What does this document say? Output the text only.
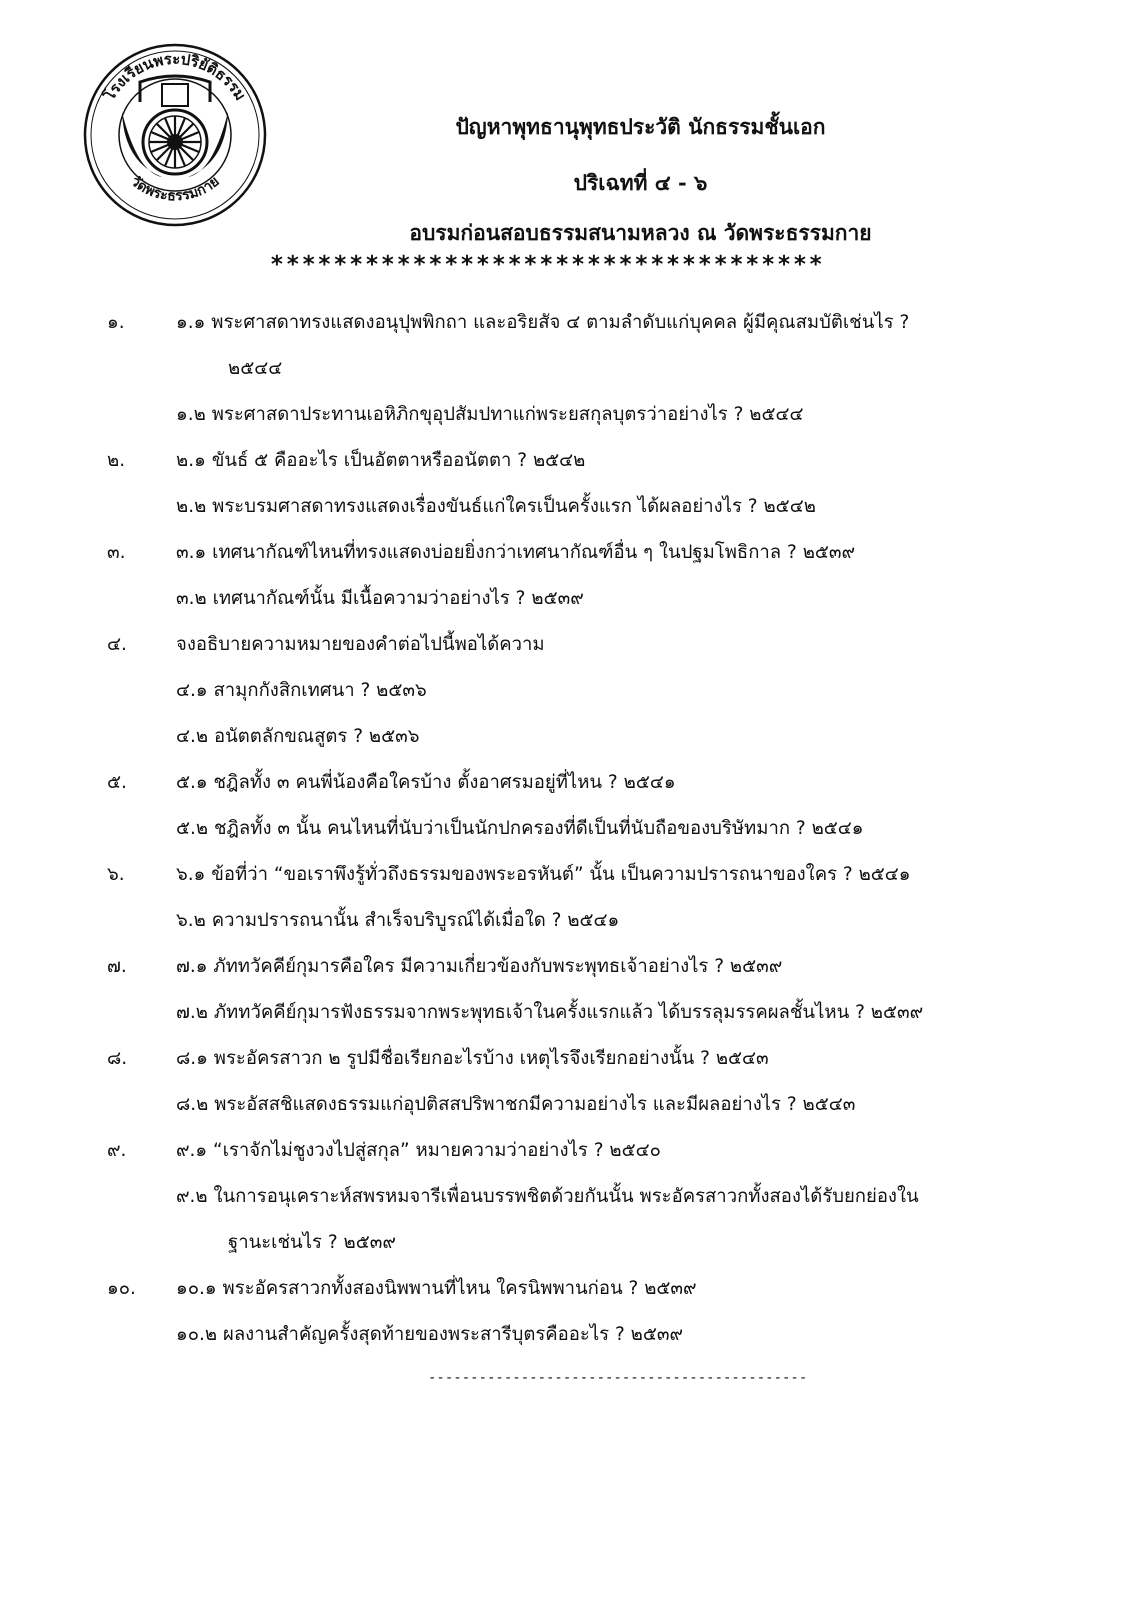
โรงเรียนพระปริยัติธรรม
วัดพระธรรมกาย

ปัญหาพุทธานุพุทธประวัติ นักธรรมชั้นเอก

ปริเฉทที่ ๔ - ๖

อบรมก่อนสอบธรรมสนามหลวง ณ วัดพระธรรมกาย

***********************************
๑.	๑.๑ พระศาสดาทรงแสดงอนุปุพพิกถา และอริยสัจ ๔ ตามลำดับแก่บุคคล ผู้มีคุณสมบัติเช่นไร ?
๒๕๔๔
๑.๒ พระศาสดาประทานเอหิภิกขุอุปสัมปทาแก่พระยสกุลบุตรว่าอย่างไร ? ๒๕๔๔
๒.	๒.๑ ขันธ์ ๕ คืออะไร เป็นอัตตาหรืออนัตตา ? ๒๕๔๒
๒.๒ พระบรมศาสดาทรงแสดงเรื่องขันธ์แก่ใครเป็นครั้งแรก ได้ผลอย่างไร ? ๒๕๔๒
๓.	๓.๑ เทศนากัณฑ์ไหนที่ทรงแสดงบ่อยยิ่งกว่าเทศนากัณฑ์อื่น ๆ ในปฐมโพธิกาล ? ๒๕๓๙
๓.๒ เทศนากัณฑ์นั้น มีเนื้อความว่าอย่างไร ? ๒๕๓๙
๔.	จงอธิบายความหมายของคำต่อไปนี้พอได้ความ
๔.๑ สามุกกังสิกเทศนา ? ๒๕๓๖
๔.๒ อนัตตลักขณสูตร ? ๒๕๓๖
๕.	๕.๑ ชฎิลทั้ง ๓ คนพี่น้องคือใครบ้าง ตั้งอาศรมอยู่ที่ไหน ? ๒๕๔๑
๕.๒ ชฎิลทั้ง ๓ นั้น คนไหนที่นับว่าเป็นนักปกครองที่ดีเป็นที่นับถือของบริษัทมาก ? ๒๕๔๑
๖.	๖.๑ ข้อที่ว่า “ขอเราพึงรู้ทั่วถึงธรรมของพระอรหันต์” นั้น เป็นความปรารถนาของใคร ? ๒๕๔๑
๖.๒ ความปรารถนานั้น สำเร็จบริบูรณ์ได้เมื่อใด ? ๒๕๔๑
๗.	๗.๑ ภัททวัคคีย์กุมารคือใคร มีความเกี่ยวข้องกับพระพุทธเจ้าอย่างไร ? ๒๕๓๙
๗.๒ ภัททวัคคีย์กุมารฟังธรรมจากพระพุทธเจ้าในครั้งแรกแล้ว ได้บรรลุมรรคผลชั้นไหน ? ๒๕๓๙
๘.	๘.๑ พระอัครสาวก ๒ รูปมีชื่อเรียกอะไรบ้าง เหตุไรจึงเรียกอย่างนั้น ? ๒๕๔๓
๘.๒ พระอัสสชิแสดงธรรมแก่อุปติสสปริพาชกมีความอย่างไร และมีผลอย่างไร ? ๒๕๔๓
๙.	๙.๑ “เราจักไม่ชูงวงไปสู่สกุล” หมายความว่าอย่างไร ? ๒๕๔๐
๙.๒ ในการอนุเคราะห์สพรหมจารีเพื่อนบรรพชิตด้วยกันนั้น พระอัครสาวกทั้งสองได้รับยกย่องใน
ฐานะเช่นไร ? ๒๕๓๙
๑๐. ๑๐.๑ พระอัครสาวกทั้งสองนิพพานที่ไหน ใครนิพพานก่อน ? ๒๕๓๙
๑๐.๒ ผลงานสำคัญครั้งสุดท้ายของพระสารีบุตรคืออะไร ? ๒๕๓๙
---------------------------------------------
